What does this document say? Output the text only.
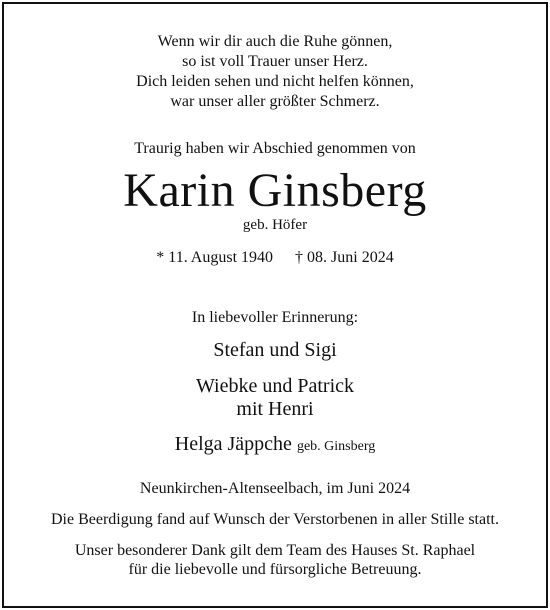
Wenn wir dir auch die Ruhe gönnen,
so ist voll Trauer unser Herz.
Dich leiden sehen und nicht helfen können,
war unser aller größter Schmerz.
Traurig haben wir Abschied genommen von
Karin Ginsberg
geb. Höfer
* 11. August 1940 † 08. Juni 2024
In liebevoller Erinnerung:
Stefan und Sigi
Wiebke und Patrick
mit Henri
Helga Jäppche geb. Ginsberg
Neunkirchen-Altenseelbach, im Juni 2024
Die Beerdigung fand auf Wunsch der Verstorbenen in aller Stille statt.
Unser besonderer Dank gilt dem Team des Hauses St. Raphael
für die liebevolle und fürsorgliche Betreuung.
